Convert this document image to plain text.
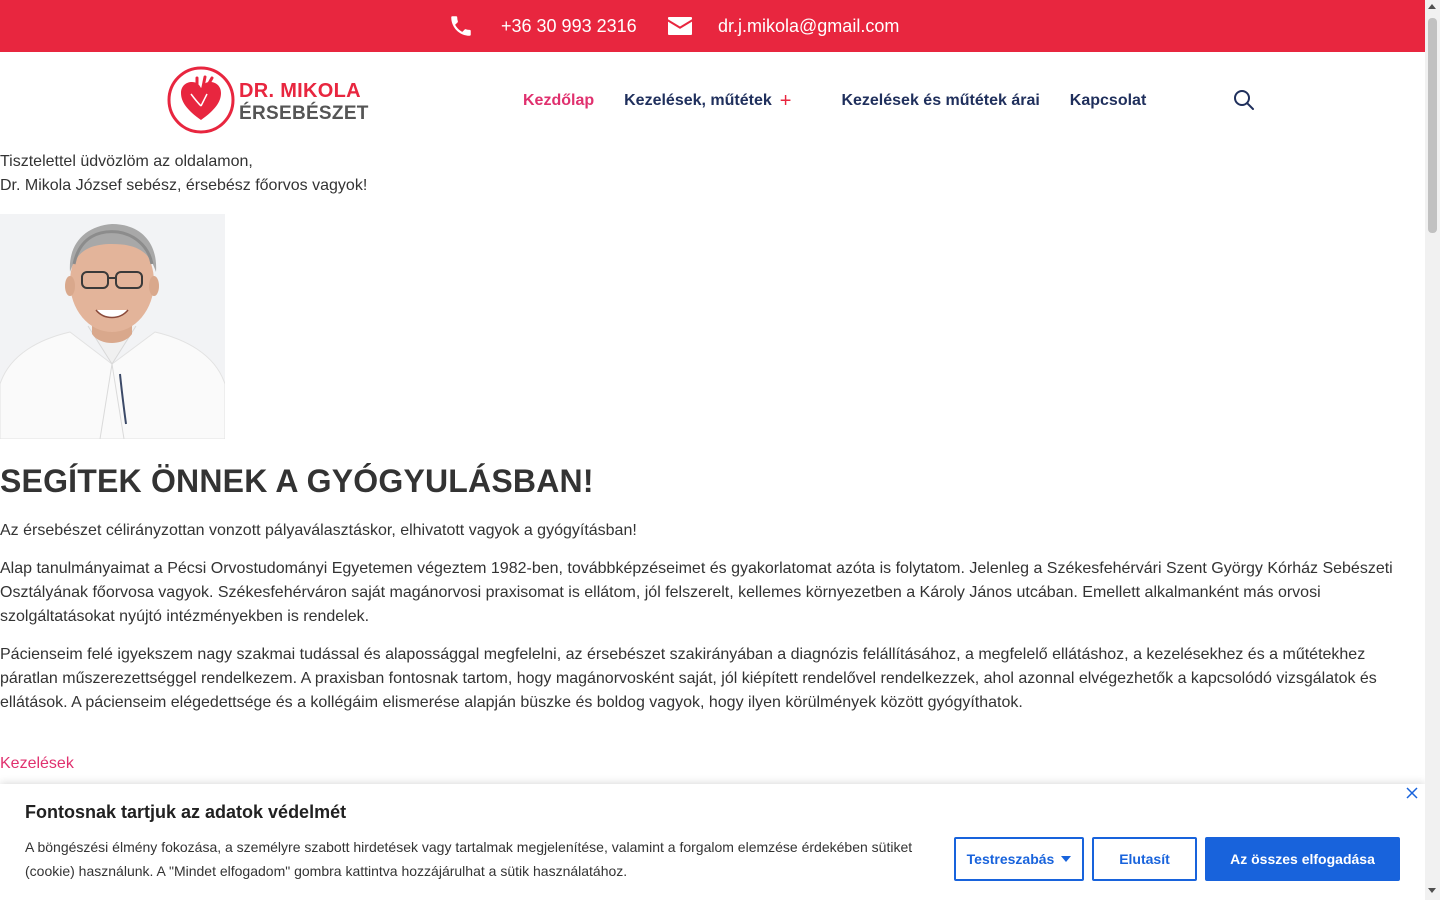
+36 30 993 2316	dr.j.mikola@gmail.com
DR. MIKOLA
ÉRSEBÉSZET
Kezdőlap Kezelések, műtétek +	Kezelések és műtétek árai Kapcsolat

Tisztelettel üdvözlöm az oldalamon,

Dr. Mikola József sebész, érsebész főorvos vagyok!

SEGÍTEK ÖNNEK A GYÓGYULÁSBAN!

Az érsebészet célirányzottan vonzott pályaválasztáskor, elhivatott vagyok a gyógyításban!

Alap tanulmányaimat a Pécsi Orvostudományi Egyetemen végeztem 1982-ben, továbbképzéseimet és gyakorlatomat azóta is folytatom. Jelenleg a Székesfehérvári Szent György Kórház Sebészeti Osztályának főorvosa vagyok. Székesfehérváron saját magánorvosi praxisomat is ellátom, jól felszerelt, kellemes környezetben a Károly János utcában. Emellett alkalmanként más orvosi szolgáltatásokat nyújtó intézményekben is rendelek.

Pácienseim felé igyekszem nagy szakmai tudással és alapossággal megfelelni, az érsebészet szakirányában a diagnózis felállításához, a megfelelő ellátáshoz, a kezelésekhez és a műtétekhez páratlan műszerezettséggel rendelkezem. A praxisban fontosnak tartom, hogy magánorvosként saját, jól kiépített rendelővel rendelkezzek, ahol azonnal elvégezhetők a kapcsolódó vizsgálatok és ellátások. A pácienseim elégedettsége és a kollégáim elismerése alapján büszke és boldog vagyok, hogy ilyen körülmények között gyógyíthatok.

Kezelések
Fontosnak tartjuk az adatok védelmét
A böngészési élmény fokozása, a személyre szabott hirdetések vagy tartalmak megjelenítése, valamint a forgalom elemzése érdekében sütiket (cookie) használunk. A "Mindet elfogadom" gombra kattintva hozzájárulhat a sütik használatához.
Testreszabás	Elutasít	Az összes elfogadása
